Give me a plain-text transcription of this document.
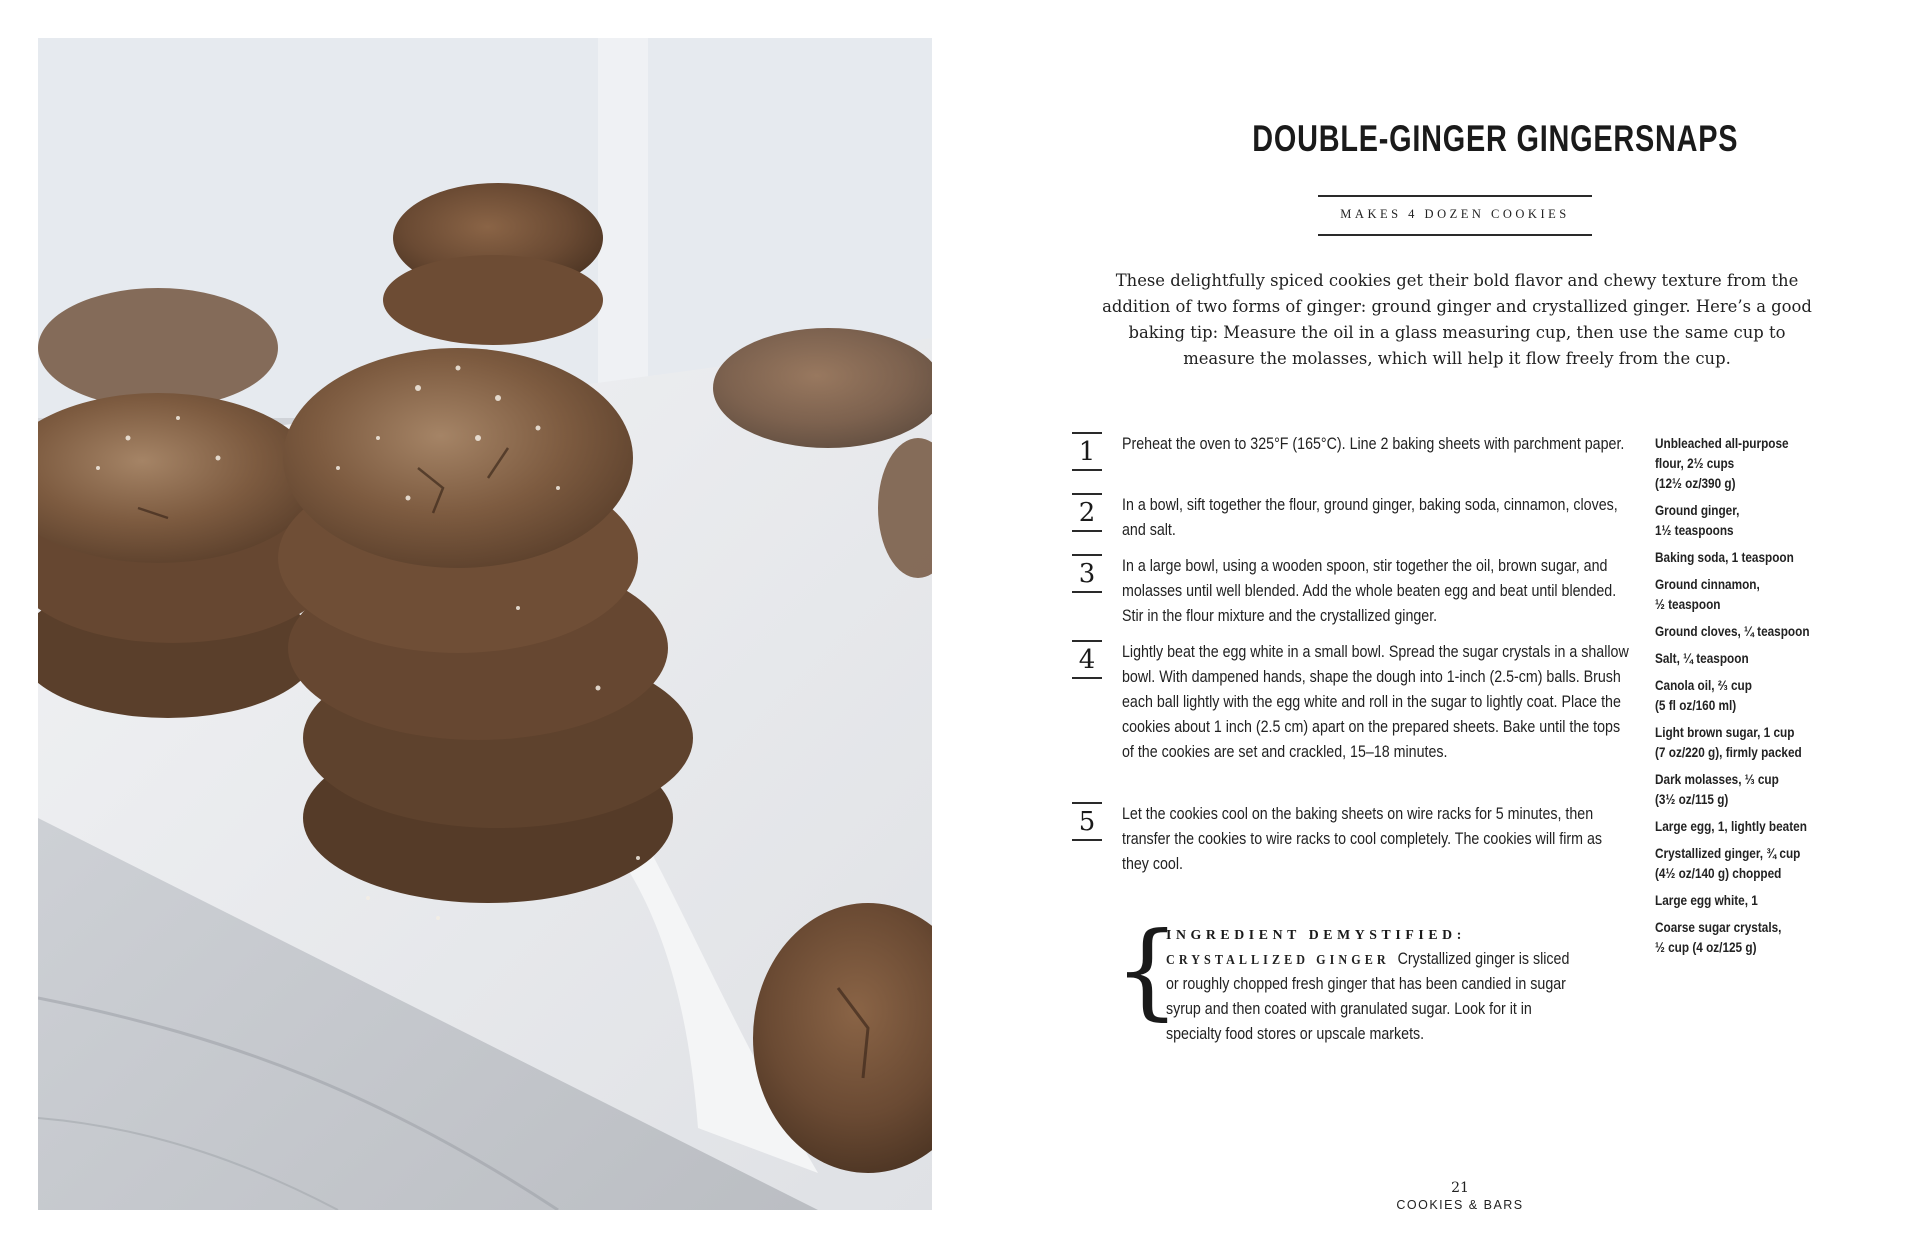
DOUBLE-GINGER GINGERSNAPS
MAKES 4 DOZEN COOKIES

These delightfully spiced cookies get their bold flavor and chewy texture from the addition of two forms of ginger: ground ginger and crystallized ginger. Here’s a good baking tip: Measure the oil in a glass measuring cup, then use the same cup to measure the molasses, which will help it flow freely from the cup.

1	Preheat the oven to 325°F (165°C). Line 2 baking sheets with parchment paper.

2	In a bowl, sift together the flour, ground ginger, baking soda, cinnamon, cloves, and salt.

3	In a large bowl, using a wooden spoon, stir together the oil, brown sugar, and molasses until well blended. Add the whole beaten egg and beat until blended. Stir in the flour mixture and the crystallized ginger.

4	Lightly beat the egg white in a small bowl. Spread the sugar crystals in a shallow bowl. With dampened hands, shape the dough into 1-inch (2.5-cm) balls. Brush each ball lightly with the egg white and roll in the sugar to lightly coat. Place the cookies about 1 inch (2.5 cm) apart on the prepared sheets. Bake until the tops of the cookies are set and crackled, 15–18 minutes.

5	Let the cookies cool on the baking sheets on wire racks for 5 minutes, then transfer the cookies to wire racks to cool completely. The cookies will firm as they cool.

Unbleached all-purpose
flour, 2½ cups
(12½ oz/390 g)
Ground ginger,
1½ teaspoons
Baking soda, 1 teaspoon
Ground cinnamon,
½ teaspoon
Ground cloves, ¼ teaspoon
Salt, ¼ teaspoon
Canola oil, ⅔ cup
(5 fl oz/160 ml)
Light brown sugar, 1 cup
(7 oz/220 g), firmly packed
Dark molasses, ⅓ cup
(3½ oz/115 g)
Large egg, 1, lightly beaten
Crystallized ginger, ¾ cup
(4½ oz/140 g) chopped
Large egg white, 1
Coarse sugar crystals,
½ cup (4 oz/125 g)
{

INGREDIENT DEMYSTIFIED:

CRYSTALLIZED GINGER Crystallized ginger is sliced or roughly chopped fresh ginger that has been candied in sugar syrup and then coated with granulated sugar. Look for it in specialty food stores or upscale markets.

21
COOKIES & BARS
